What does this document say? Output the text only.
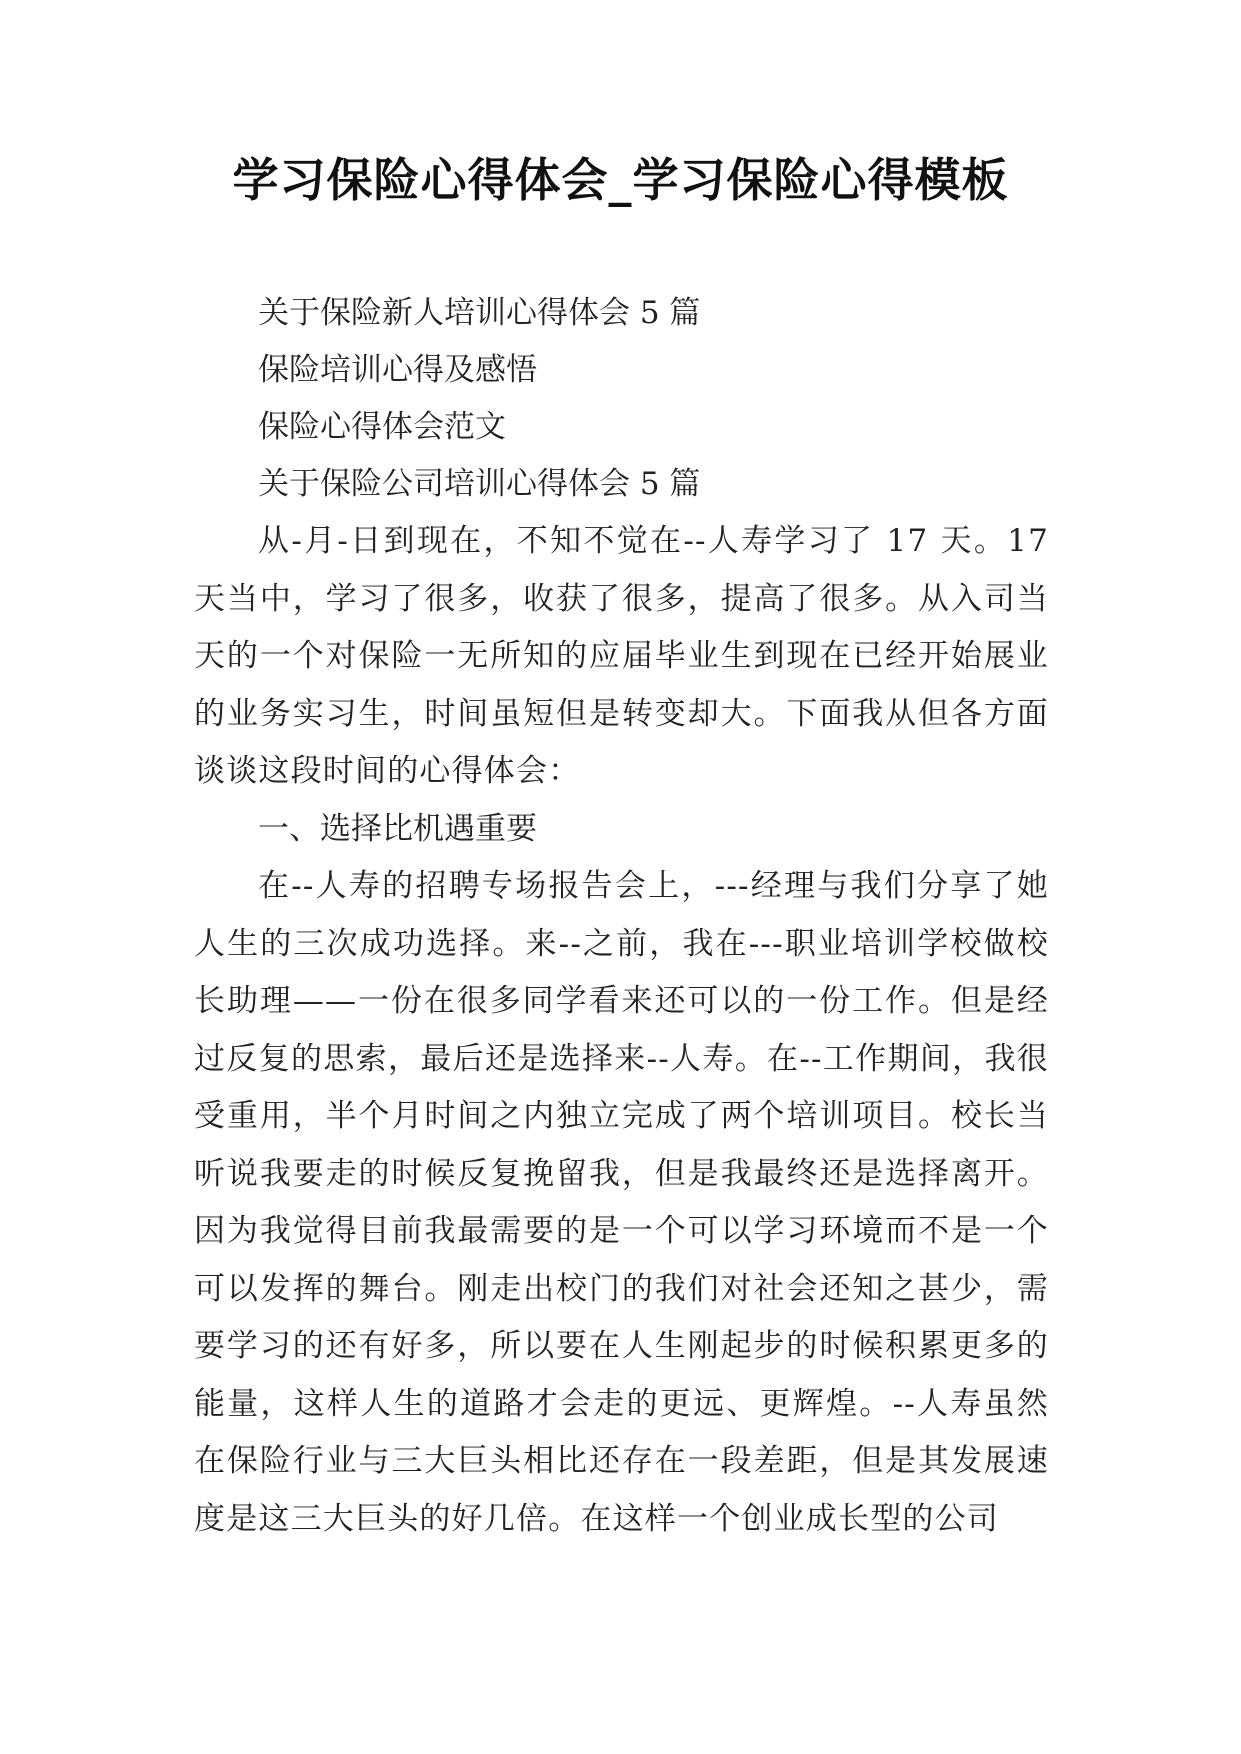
学习保险心得体会_学习保险心得模板

关于保险新人培训心得体会 5 篇

保险培训心得及感悟

保险心得体会范文

关于保险公司培训心得体会 5 篇

从-月-日到现在，不知不觉在--人寿学习了 17 天。17 天当中，学习了很多，收获了很多，提高了很多。从入司当天的一个对保险一无所知的应届毕业生到现在已经开始展业的业务实习生，时间虽短但是转变却大。下面我从但各方面谈谈这段时间的心得体会：

一、选择比机遇重要

在--人寿的招聘专场报告会上，---经理与我们分享了她人生的三次成功选择。来--之前，我在---职业培训学校做校长助理——一份在很多同学看来还可以的一份工作。但是经过反复的思索，最后还是选择来--人寿。在--工作期间，我很受重用，半个月时间之内独立完成了两个培训项目。校长当听说我要走的时候反复挽留我，但是我最终还是选择离开。因为我觉得目前我最需要的是一个可以学习环境而不是一个可以发挥的舞台。刚走出校门的我们对社会还知之甚少，需要学习的还有好多，所以要在人生刚起步的时候积累更多的能量，这样人生的道路才会走的更远、更辉煌。--人寿虽然在保险行业与三大巨头相比还存在一段差距，但是其发展速度是这三大巨头的好几倍。在这样一个创业成长型的公司
